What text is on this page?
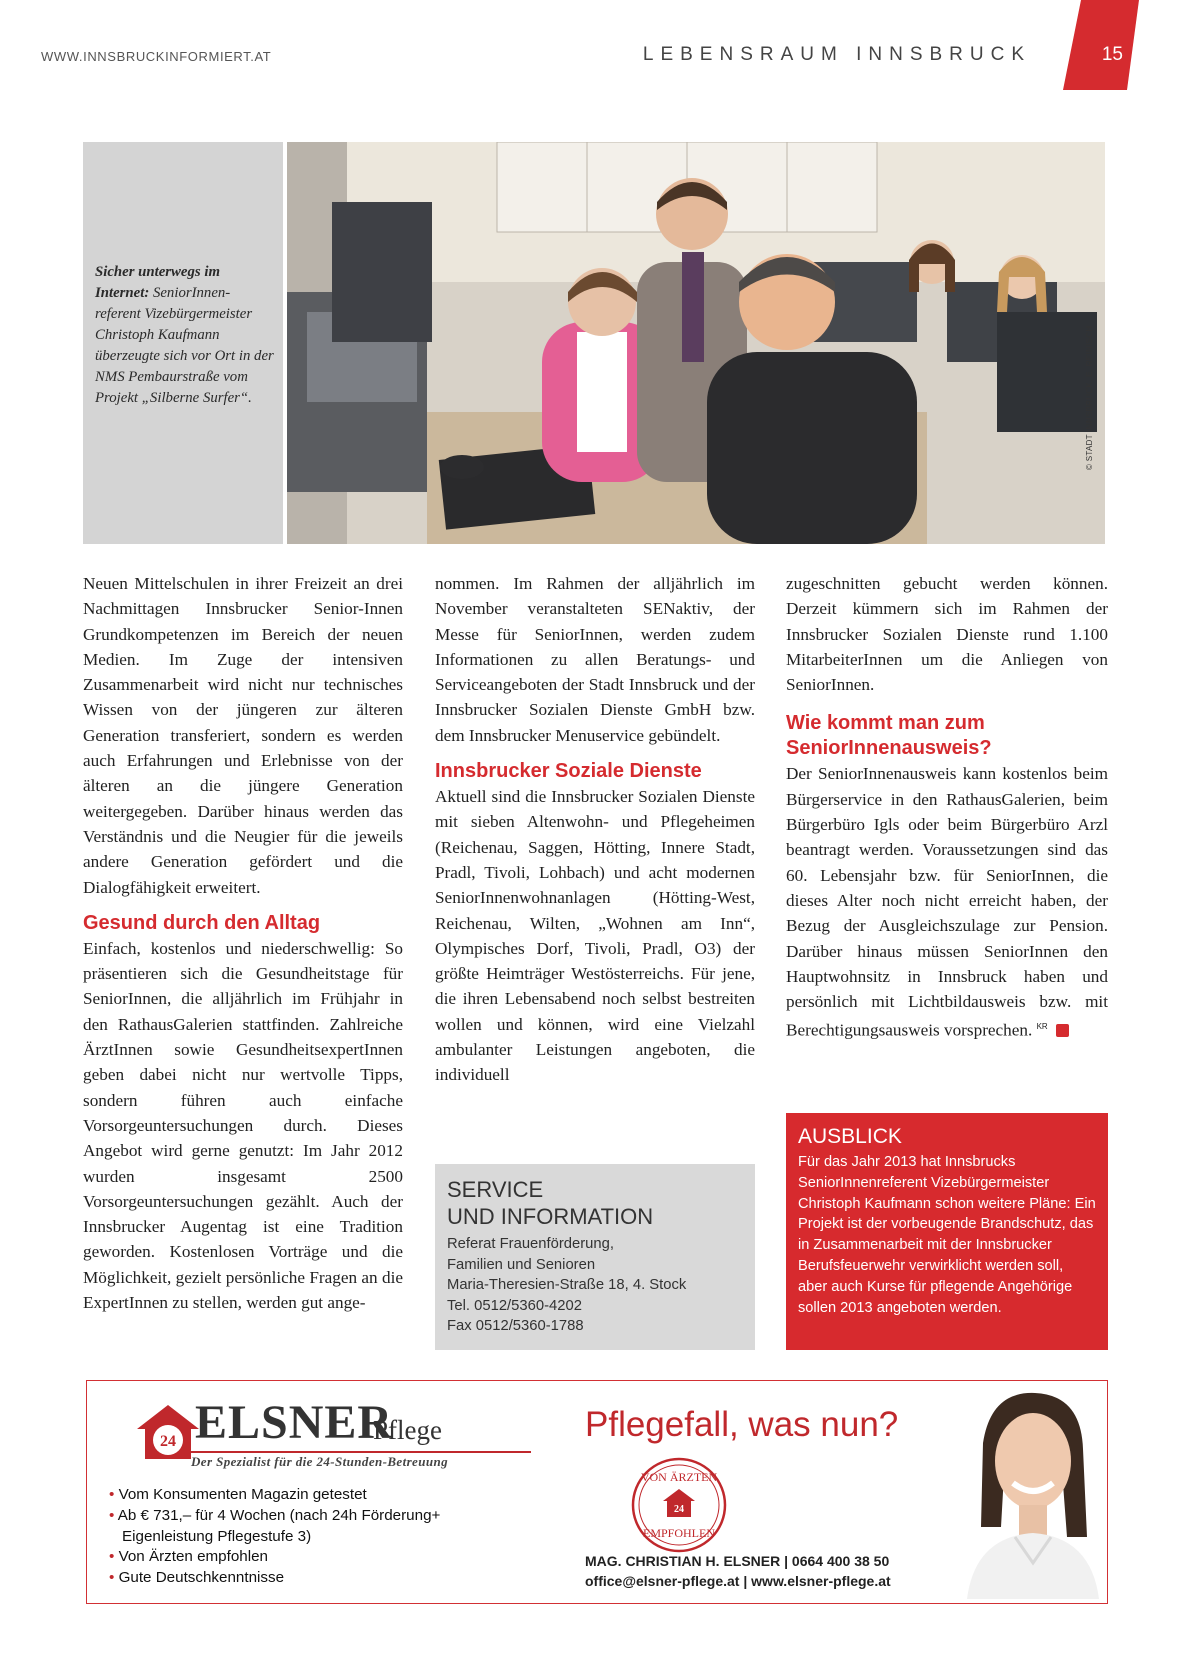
WWW.INNSBRUCKINFORMIERT.AT	LEBENSRAUM INNSBRUCK	15
Sicher unterwegs im Internet: SeniorInnen-referent Vizebürgermeister Christoph Kaufmann überzeugte sich vor Ort in der NMS Pembaurstraße vom Projekt „Silberne Surfer“.	© STADT INNSBRUCK, E. REINISCH

Neuen Mittelschulen in ihrer Freizeit an drei Nachmittagen Innsbrucker Senior-Innen Grundkompetenzen im Bereich der neuen Medien. Im Zuge der intensiven Zusammenarbeit wird nicht nur technisches Wissen von der jüngeren zur älteren Generation transferiert, sondern es werden auch Erfahrungen und Erlebnisse von der älteren an die jüngere Generation weitergegeben. Darüber hinaus werden das Verständnis und die Neugier für die jeweils andere Generation gefördert und die Dialogfähigkeit erweitert.

Gesund durch den Alltag

Einfach, kostenlos und niederschwellig: So präsentieren sich die Gesundheitstage für SeniorInnen, die alljährlich im Frühjahr in den RathausGalerien stattfinden. Zahlreiche ÄrztInnen sowie GesundheitsexpertInnen geben dabei nicht nur wertvolle Tipps, sondern führen auch einfache Vorsorgeuntersuchungen durch. Dieses Angebot wird gerne genutzt: Im Jahr 2012 wurden insgesamt 2500 Vorsorgeuntersuchungen gezählt. Auch der Innsbrucker Augentag ist eine Tradition geworden. Kostenlosen Vorträge und die Möglichkeit, gezielt persönliche Fragen an die ExpertInnen zu stellen, werden gut ange-

nommen. Im Rahmen der alljährlich im November veranstalteten SENaktiv, der Messe für SeniorInnen, werden zudem Informationen zu allen Beratungs- und Serviceangeboten der Stadt Innsbruck und der Innsbrucker Sozialen Dienste GmbH bzw. dem Innsbrucker Menuservice gebündelt.

Innsbrucker Soziale Dienste

Aktuell sind die Innsbrucker Sozialen Dienste mit sieben Altenwohn- und Pflegeheimen (Reichenau, Saggen, Hötting, Innere Stadt, Pradl, Tivoli, Lohbach) und acht modernen SeniorInnenwohnanlagen (Hötting-West, Reichenau, Wilten, „Wohnen am Inn“, Olympisches Dorf, Tivoli, Pradl, O3) der größte Heimträger Westösterreichs. Für jene, die ihren Lebensabend noch selbst bestreiten wollen und können, wird eine Vielzahl ambulanter Leistungen angeboten, die individuell

zugeschnitten gebucht werden können. Derzeit kümmern sich im Rahmen der Innsbrucker Sozialen Dienste rund 1.100 MitarbeiterInnen um die Anliegen von SeniorInnen.

Wie kommt man zum
SeniorInnenausweis?

Der SeniorInnenausweis kann kostenlos beim Bürgerservice in den RathausGalerien, beim Bürgerbüro Igls oder beim Bürgerbüro Arzl beantragt werden. Voraussetzungen sind das 60. Lebensjahr bzw. für SeniorInnen, die dieses Alter noch nicht erreicht haben, der Bezug der Ausgleichszulage zur Pension. Darüber hinaus müssen SeniorInnen den Hauptwohnsitz in Innsbruck haben und persönlich mit Lichtbildausweis bzw. mit Berechtigungsausweis vorsprechen. $^{KR}$

SERVICE
UND INFORMATION
Referat Frauenförderung,
Familien und Senioren
Maria-Theresien-Straße 18, 4. Stock
Tel. 0512/5360-4202
Fax 0512/5360-1788
AUSBLICK
Für das Jahr 2013 hat Innsbrucks SeniorInnenreferent Vizebürgermeister Christoph Kaufmann schon weitere Pläne: Ein Projekt ist der vorbeugende Brandschutz, das in Zusammenarbeit mit der Innsbrucker Berufsfeuerwehr verwirklicht werden soll, aber auch Kurse für pflegende Angehörige sollen 2013 angeboten werden.
24 ELSNER
Pflege
Der Spezialist für die 24-Stunden-Betreuung
• Vom Konsumenten Magazin getestet
• Ab € 731,– für 4 Wochen (nach 24h Förderung+
Eigenleistung Pflegestufe 3)
• Von Ärzten empfohlen
• Gute Deutschkenntnisse
Pflegefall, was nun?
VON ÄRZTEN
24
EMPFOHLEN
MAG. CHRISTIAN H. ELSNER | 0664 400 38 50
office@elsner-pflege.at | www.elsner-pflege.at
